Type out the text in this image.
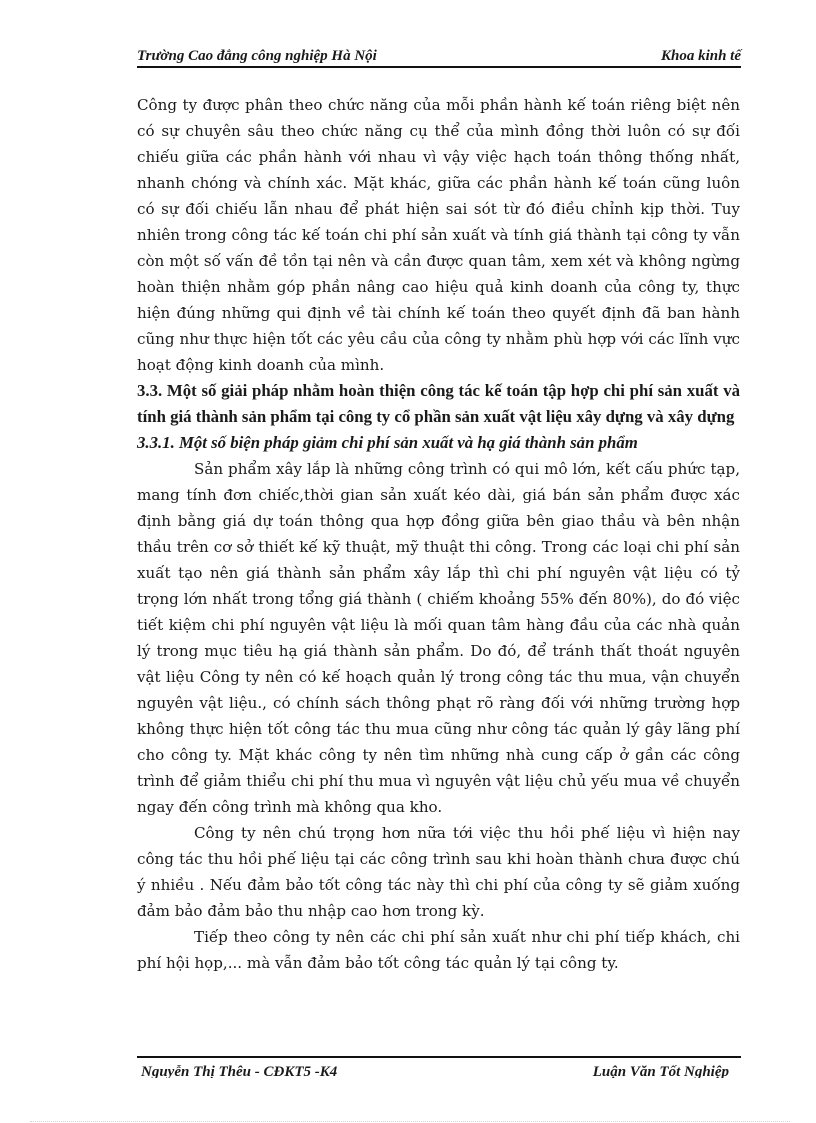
Trường Cao đẳng công nghiệp Hà Nội	Khoa kinh tế

Công ty được phân theo chức năng của mỗi phần hành kế toán riêng biệt nên có sự chuyên sâu theo chức năng cụ thể của mình đồng thời luôn có sự đối chiếu giữa các phần hành với nhau vì vậy việc hạch toán thông thống nhất, nhanh chóng và chính xác. Mặt khác, giữa các phần hành kế toán cũng luôn có sự đối chiếu lẫn nhau để phát hiện sai sót từ đó điều chỉnh kịp thời. Tuy nhiên trong công tác kế toán chi phí sản xuất và tính giá thành tại công ty vẫn còn một số vấn đề tồn tại nên và cần được quan tâm, xem xét và không ngừng hoàn thiện nhằm góp phần nâng cao hiệu quả kinh doanh của công ty, thực hiện đúng những qui định về tài chính kế toán theo quyết định đã ban hành cũng như thực hiện tốt các yêu cầu của công ty nhằm phù hợp với các lĩnh vực hoạt động kinh doanh của mình.

3.3. Một số giải pháp nhằm hoàn thiện công tác kế toán tập hợp chi phí sản xuất và tính giá thành sản phẩm tại công ty cổ phần sản xuất vật liệu xây dựng và xây dựng

3.3.1. Một số biện pháp giảm chi phí sản xuất và hạ giá thành sản phẩm

Sản phẩm xây lắp là những công trình có qui mô lớn, kết cấu phức tạp, mang tính đơn chiếc,thời gian sản xuất kéo dài, giá bán sản phẩm được xác định bằng giá dự toán thông qua hợp đồng giữa bên giao thầu và bên nhận thầu trên cơ sở thiết kế kỹ thuật, mỹ thuật thi công. Trong các loại chi phí sản xuất tạo nên giá thành sản phẩm xây lắp thì chi phí nguyên vật liệu có tỷ trọng lớn nhất trong tổng giá thành ( chiếm khoảng 55% đến 80%), do đó việc tiết kiệm chi phí nguyên vật liệu là mối quan tâm hàng đầu của các nhà quản lý trong mục tiêu hạ giá thành sản phẩm. Do đó, để tránh thất thoát nguyên vật liệu Công ty nên có kế hoạch quản lý trong công tác thu mua, vận chuyển nguyên vật liệu., có chính sách thông phạt rõ ràng đối với những trường hợp không thực hiện tốt công tác thu mua cũng như công tác quản lý gây lãng phí cho công ty. Mặt khác công ty nên tìm những nhà cung cấp ở gần các công trình để giảm thiểu chi phí thu mua vì nguyên vật liệu chủ yếu mua về chuyển ngay đến công trình mà không qua kho.

Công ty nên chú trọng hơn nữa tới việc thu hồi phế liệu vì hiện nay công tác thu hồi phế liệu tại các công trình sau khi hoàn thành chưa được chú ý nhiều . Nếu đảm bảo tốt công tác này thì chi phí của công ty sẽ giảm xuống đảm bảo đảm bảo thu nhập cao hơn trong kỳ.

Tiếp theo công ty nên các chi phí sản xuất như chi phí tiếp khách, chi phí hội họp,... mà vẫn đảm bảo tốt công tác quản lý tại công ty.

Nguyễn Thị Thêu - CĐKT5 -K4	Luận Văn Tốt Nghiệp
